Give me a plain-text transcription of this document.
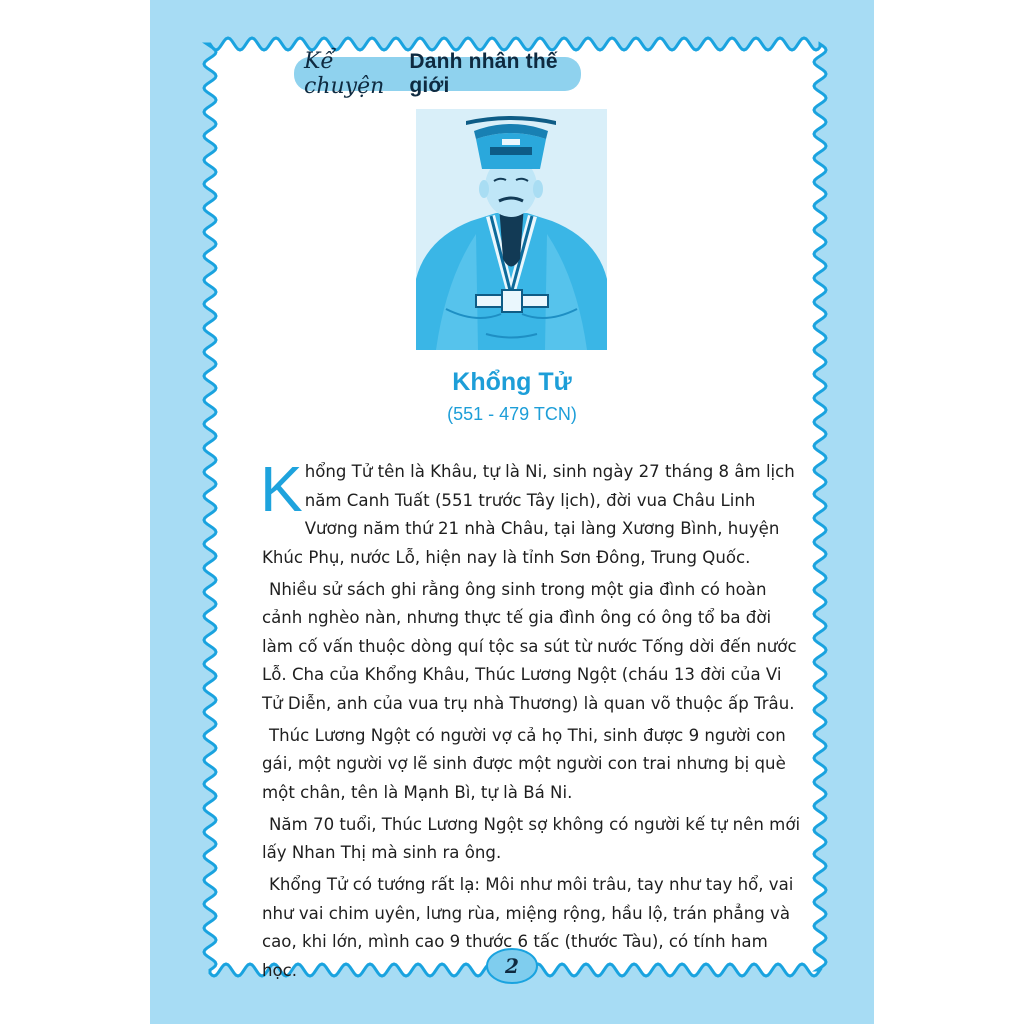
Kể chuyện
Danh nhân thế giới
Khổng Tử
(551 - 479 TCN)

Khổng Tử tên là Khâu, tự là Ni, sinh ngày 27 tháng 8 âm lịch năm Canh Tuất (551 trước Tây lịch), đời vua Châu Linh Vương năm thứ 21 nhà Châu, tại làng Xương Bình, huyện Khúc Phụ, nước Lỗ, hiện nay là tỉnh Sơn Đông, Trung Quốc.

Nhiều sử sách ghi rằng ông sinh trong một gia đình có hoàn cảnh nghèo nàn, nhưng thực tế gia đình ông có ông tổ ba đời làm cố vấn thuộc dòng quí tộc sa sút từ nước Tống dời đến nước Lỗ. Cha của Khổng Khâu, Thúc Lương Ngột (cháu 13 đời của Vi Tử Diễn, anh của vua trụ nhà Thương) là quan võ thuộc ấp Trâu.

Thúc Lương Ngột có người vợ cả họ Thi, sinh được 9 người con gái, một người vợ lẽ sinh được một người con trai nhưng bị què một chân, tên là Mạnh Bì, tự là Bá Ni.

Năm 70 tuổi, Thúc Lương Ngột sợ không có người kế tự nên mới lấy Nhan Thị mà sinh ra ông.

Khổng Tử có tướng rất lạ: Môi như môi trâu, tay như tay hổ, vai như vai chim uyên, lưng rùa, miệng rộng, hầu lộ, trán phẳng và cao, khi lớn, mình cao 9 thước 6 tấc (thước Tàu), có tính ham học.	2
